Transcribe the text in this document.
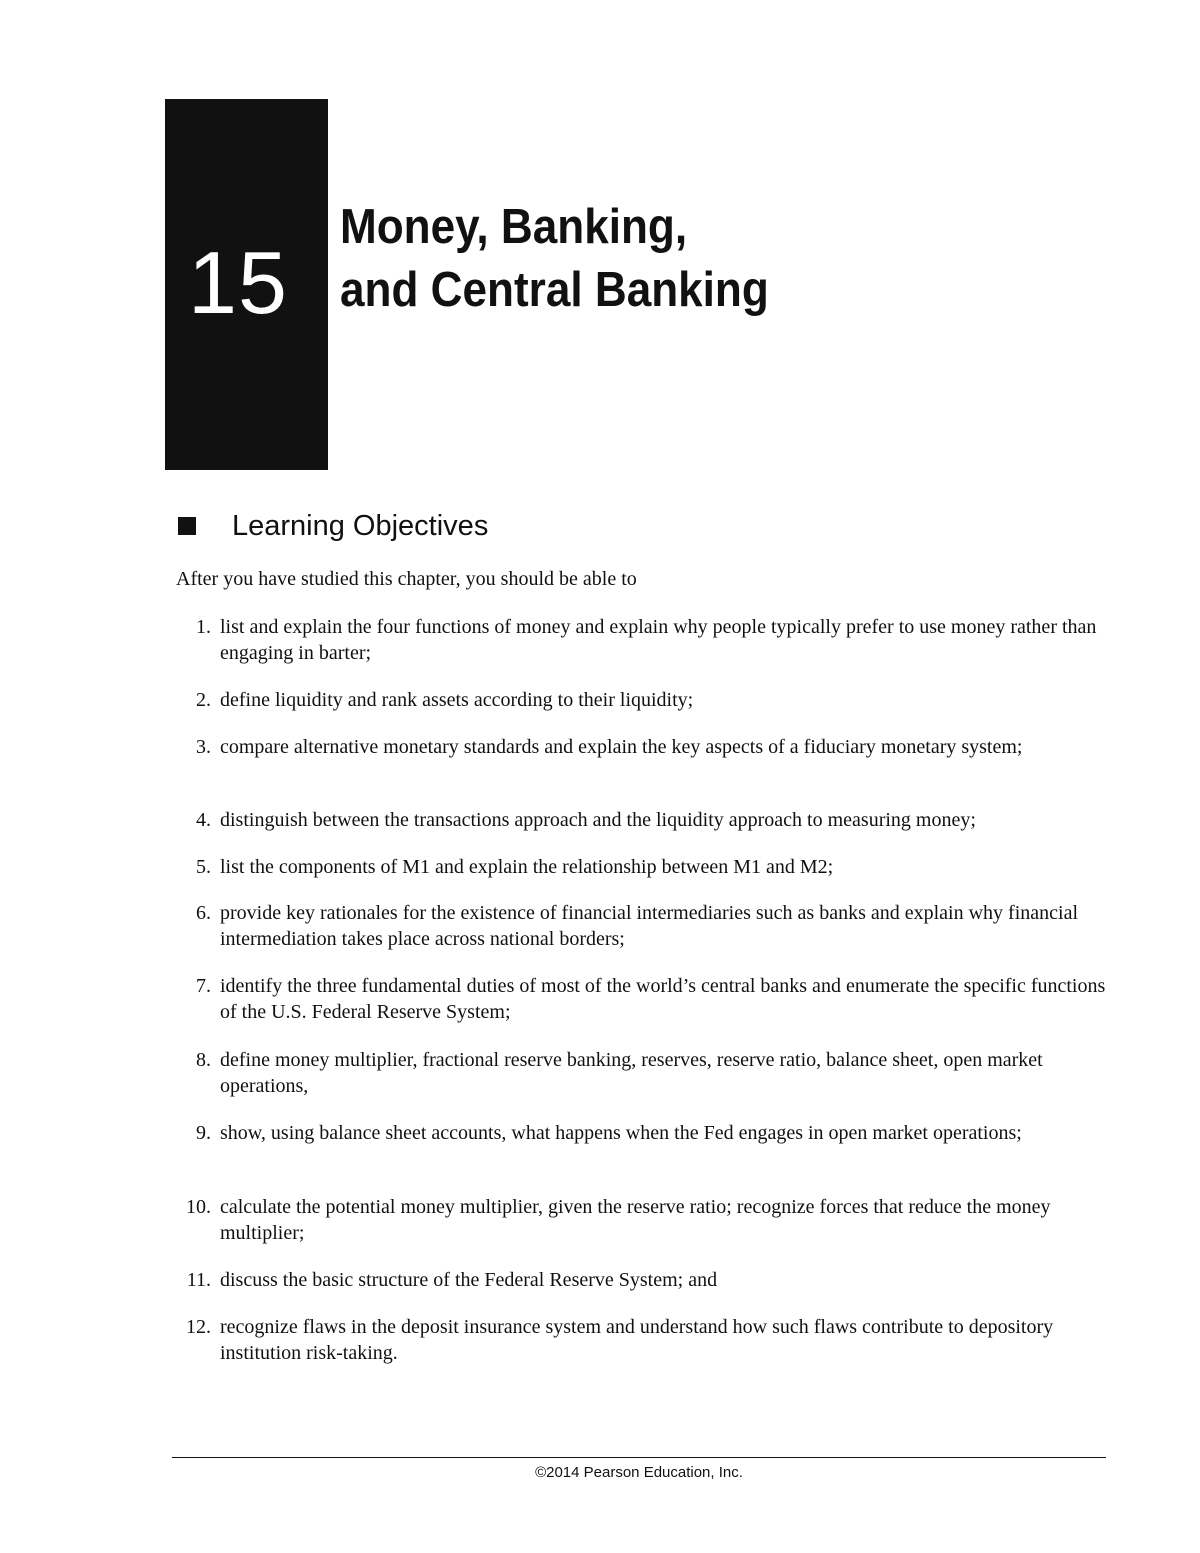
15
Money, Banking,
and Central Banking
Learning Objectives
After you have studied this chapter, you should be able to
1. list and explain the four functions of money and explain why people typically prefer to use money rather than engaging in barter;
2. define liquidity and rank assets according to their liquidity;
3. compare alternative monetary standards and explain the key aspects of a fiduciary monetary system;
4. distinguish between the transactions approach and the liquidity approach to measuring money;
5. list the components of M1 and explain the relationship between M1 and M2;
6. provide key rationales for the existence of financial intermediaries such as banks and explain why financial intermediation takes place across national borders;
7. identify the three fundamental duties of most of the world’s central banks and enumerate the specific functions of the U.S. Federal Reserve System;
8. define money multiplier, fractional reserve banking, reserves, reserve ratio, balance sheet, open market operations,
9. show, using balance sheet accounts, what happens when the Fed engages in open market operations;
10. calculate the potential money multiplier, given the reserve ratio; recognize forces that reduce the money multiplier;
11. discuss the basic structure of the Federal Reserve System; and
12. recognize flaws in the deposit insurance system and understand how such flaws contribute to depository institution risk-taking.
©2014 Pearson Education, Inc.
